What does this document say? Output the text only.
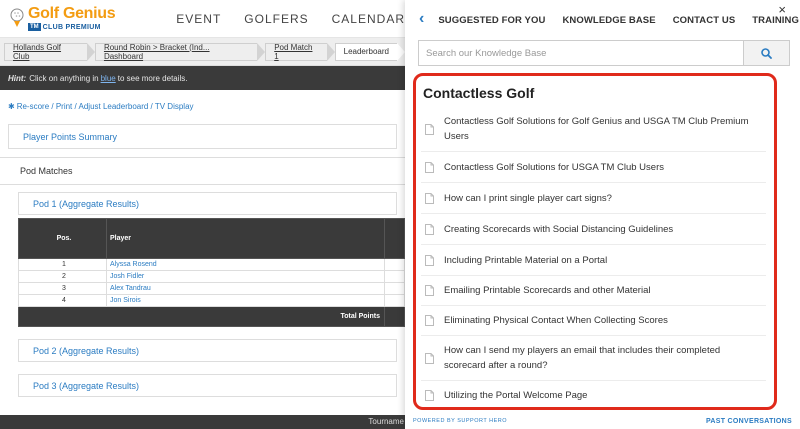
Golf Genius
TM CLUB PREMIUM
EVENT GOLFERS CALENDAR
Hollands Golf Club
Round Robin > Bracket (Ind... Dashboard
Pod Match 1	Leaderboard
Hint: Click on anything in blue to see more details.
✱ Re-score / Print / Adjust Leaderboard / TV Display
Player Points Summary
Pod Matches
Pod 1 (Aggregate Results)
Pos.	Player	
1	Alyssa Rosend	
2	Josh Fidler	
3	Alex Tandrau	
4	Jon Sirois	
Total Points		
Pod 2 (Aggregate Results)
Pod 3 (Aggregate Results)
Tourname
‹ SUGGESTED FOR YOU KNOWLEDGE BASE CONTACT US TRAINING
×
Search our Knowledge Base
Contactless Golf
Contactless Golf Solutions for Golf Genius and USGA TM Club Premium Users
Contactless Golf Solutions for USGA TM Club Users
How can I print single player cart signs?
Creating Scorecards with Social Distancing Guidelines
Including Printable Material on a Portal
Emailing Printable Scorecards and other Material
Eliminating Physical Contact When Collecting Scores
How can I send my players an email that includes their completed scorecard after a round?
Utilizing the Portal Welcome Page
POWERED BY SUPPORT HERO	PAST CONVERSATIONS
